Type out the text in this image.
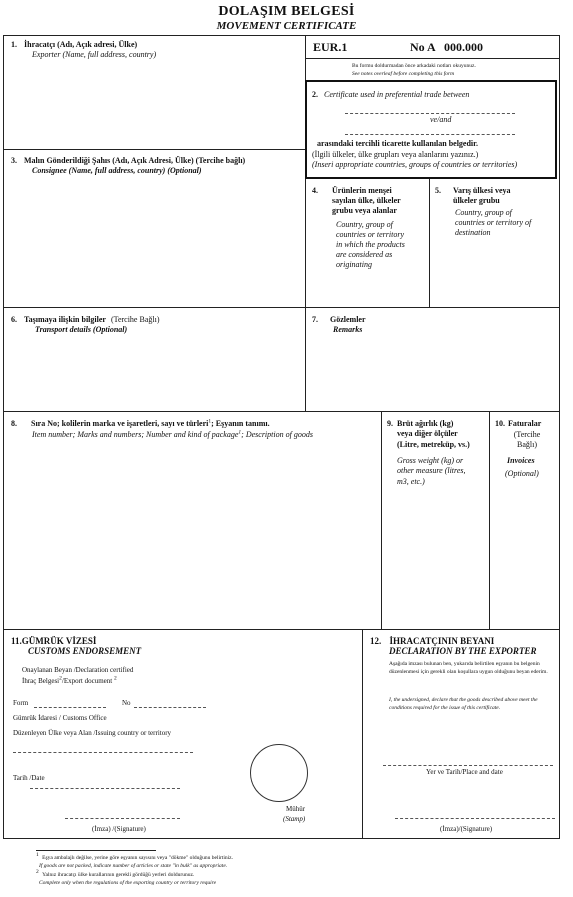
DOLAŞIM BELGESİ
MOVEMENT CERTIFICATE
1. İhracatçı (Adı, Açık adresi, Ülke)
Exporter (Name, full address, country)
EUR.1	No A 000.000
Bu formu doldurmadan önce arkadaki notları okuyunuz.
See notes overleaf before completing this form
2. Certificate used in preferential trade between
ve/and
arasındaki tercihli ticarette kullanılan belgedir.
(İlgili ülkeler, ülke grupları veya alanlarını yazınız.)
(Inseri appropriate countries, groups of countries or territories)
3. Malın Gönderildiği Şahıs (Adı, Açık Adresi, Ülke) (Tercihe bağlı)
Consignee (Name, full address, country) (Optional)
4. Ürünlerin menşei
sayılan ülke, ülkeler
grubu veya alanlar
Country, group of
countries or territory
in which the products
are considered as
originating
5. Varış ülkesi veya
ülkeler grubu
Country, group of
countries or territory of
destination
6. Taşımaya ilişkin bilgiler (Tercihe Bağlı)
Transport details (Optional)
7. Gözlemler
Remarks
8. Sıra No; kolilerin marka ve işaretleri, sayı ve türleri$^1$; Eşyanın tanımı.
Item number; Marks and numbers; Number and kind of package$^1$; Description of goods
9. Brüt ağırlık (kg)
veya diğer ölçüler
(Litre, metreküp, vs.)
Gross weight (kg) or
other measure (litres,
m3, etc.)
10. Faturalar
(Tercihe
Bağlı)
Invoices
(Optional)
11.GÜMRÜK VİZESİ
CUSTOMS ENDORSEMENT
Onaylanan Beyan /Declaration certified
İhraç Belgesi$^2$/Export document $^2$
Form	No
Gümrük İdaresi / Customs Office
Düzenleyen Ülke veya Alan /Issuing country or territory
Tarih /Date
Mühür
(Stamp)
(İmza) /(Signature)
12. İHRACATÇININ BEYANI
DECLARATION BY THE EXPORTER
Aşağıda imzası bulunan ben, yukarıda belirtilen eşyanın bu belgenin düzenlenmesi için gerekli olan koşullara uygun olduğunu beyan ederim.
I, the undersigned, declare that the goods described above meet the conditions required for the issue of this certificate.
Yer ve Tarih/Place and date
(İmza)/(Signature)
$^1$ Eşya ambalajlı değilse, yerine göre eşyanın sayısını veya "dökme" olduğunu belirtiniz.
If goods are not packed, indicate number of articles or state "in bulk" as appropriate.
$^2$ Yalnız ihracatçı ülke kurallarının gerekli gördüğü yerleri doldurunuz.
Complete only when the regulations of the exporting country or territory require
